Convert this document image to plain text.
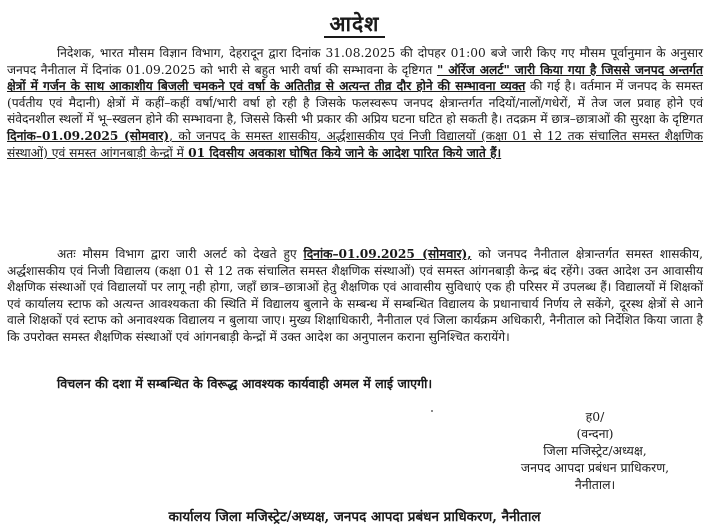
आदेश

निदेशक, भारत मौसम विज्ञान विभाग, देहरादून द्वारा दिनांक 31.08.2025 की दोपहर 01:00 बजे जारी किए गए मौसम पूर्वानुमान के अनुसार जनपद नैनीताल में दिनांक 01.09.2025 को भारी से बहुत भारी वर्षा की सम्भावना के दृष्टिगत " ऑरेंज अलर्ट" जारी किया गया है जिससे जनपद अन्तर्गत क्षेत्रों में गर्जन के साथ आकाशीय बिजली चमकने एवं वर्षा के अतितीव्र से अत्यन्त तीव्र दौर होने की सम्भावना व्यक्त की गई है। वर्तमान में जनपद के समस्त (पर्वतीय एवं मैदानी) क्षेत्रों में कहीं–कहीं वर्षा/भारी वर्षा हो रही है जिसके फलस्वरूप जनपद क्षेत्रान्तर्गत नदियों/नालों/गधेरों, में तेज जल प्रवाह होने एवं संवेदनशील स्थलों में भू–स्खलन होने की सम्भावना है, जिससे किसी भी प्रकार की अप्रिय घटना घटित हो सकती है। तदक्रम में छात्र–छात्राओं की सुरक्षा के दृष्टिगत दिनांक–01.09.2025 (सोमवार), को जनपद के समस्त शासकीय, अर्द्धशासकीय एवं निजी विद्यालयों (कक्षा 01 से 12 तक संचालित समस्त शैक्षणिक संस्थाओं) एवं समस्त आंगनबाड़ी केन्द्रों में 01 दिवसीय अवकाश घोषित किये जाने के आदेश पारित किये जाते हैं।

अतः मौसम विभाग द्वारा जारी अलर्ट को देखते हुए दिनांक–01.09.2025 (सोमवार), को जनपद नैनीताल क्षेत्रान्तर्गत समस्त शासकीय, अर्द्धशासकीय एवं निजी विद्यालय (कक्षा 01 से 12 तक संचालित समस्त शैक्षणिक संस्थाओं) एवं समस्त आंगनबाड़ी केन्द्र बंद रहेंगे। उक्त आदेश उन आवासीय शैक्षणिक संस्थाओं एवं विद्यालयों पर लागू नही होगा, जहाँ छात्र–छात्राओं हेतु शैक्षणिक एवं आवासीय सुविधाएं एक ही परिसर में उपलब्ध हैं। विद्यालयों में शिक्षकों एवं कार्यालय स्टाफ को अत्यन्त आवश्यकता की स्थिति में विद्यालय बुलाने के सम्बन्ध में सम्बन्धित विद्यालय के प्रधानाचार्य निर्णय ले सकेंगे, दूरस्थ क्षेत्रों से आने वाले शिक्षकों एवं स्टाफ को अनावश्यक विद्यालय न बुलाया जाए। मुख्य शिक्षाधिकारी, नैनीताल एवं जिला कार्यक्रम अधिकारी, नैनीताल को निर्देशित किया जाता है कि उपरोक्त समस्त शैक्षणिक संस्थाओं एवं आंगनबाड़ी केन्द्रों में उक्त आदेश का अनुपालन कराना सुनिश्चित करायेंगे।

विचलन की दशा में सम्बन्धित के विरूद्ध आवश्यक कार्यवाही अमल में लाई जाएगी।

ह0/
(वन्दना)
जिला मजिस्ट्रेट/अध्यक्ष,
जनपद आपदा प्रबंधन प्राधिकरण,
नैनीताल।
कार्यालय जिला मजिस्ट्रेट/अध्यक्ष, जनपद आपदा प्रबंधन प्राधिकरण, नैनीताल
